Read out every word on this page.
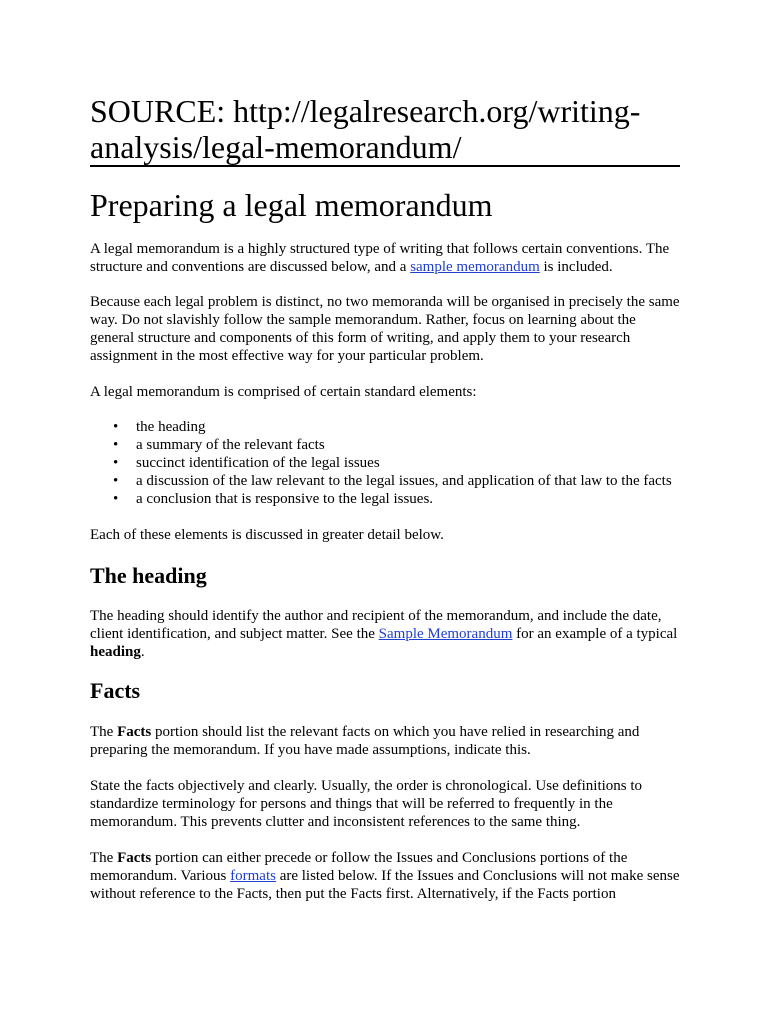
SOURCE: http://legalresearch.org/writing-
analysis/legal-memorandum/
Preparing a legal memorandum

A legal memorandum is a highly structured type of writing that follows certain conventions. The structure and conventions are discussed below, and a sample memorandum is included.

Because each legal problem is distinct, no two memoranda will be organised in precisely the same way. Do not slavishly follow the sample memorandum. Rather, focus on learning about the general structure and components of this form of writing, and apply them to your research assignment in the most effective way for your particular problem.

A legal memorandum is comprised of certain standard elements:

• the heading
• a summary of the relevant facts
• succinct identification of the legal issues
• a discussion of the law relevant to the legal issues, and application of that law to the facts
• a conclusion that is responsive to the legal issues.

Each of these elements is discussed in greater detail below.

The heading

The heading should identify the author and recipient of the memorandum, and include the date, client identification, and subject matter. See the Sample Memorandum for an example of a typical heading.

Facts

The Facts portion should list the relevant facts on which you have relied in researching and preparing the memorandum. If you have made assumptions, indicate this.

State the facts objectively and clearly. Usually, the order is chronological. Use definitions to standardize terminology for persons and things that will be referred to frequently in the memorandum. This prevents clutter and inconsistent references to the same thing.

The Facts portion can either precede or follow the Issues and Conclusions portions of the memorandum. Various formats are listed below. If the Issues and Conclusions will not make sense without reference to the Facts, then put the Facts first. Alternatively, if the Facts portion
